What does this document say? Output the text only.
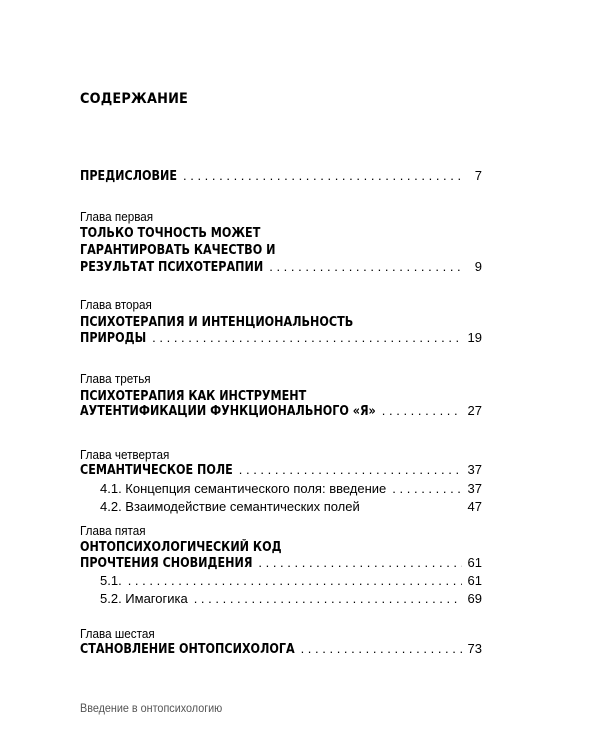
СОДЕРЖАНИЕ
ПРЕДИСЛОВИЕ . . .	7
Глава первая
ТОЛЬКО ТОЧНОСТЬ МОЖЕТ
ГАРАНТИРОВАТЬ КАЧЕСТВО И
РЕЗУЛЬТАТ ПСИХОТЕРАПИИ . . .	9
Глава вторая
ПСИХОТЕРАПИЯ И ИНТЕНЦИОНАЛЬНОСТЬ
ПРИРОДЫ . . .	19
Глава третья
ПСИХОТЕРАПИЯ КАК ИНСТРУМЕНТ
АУТЕНТИФИКАЦИИ ФУНКЦИОНАЛЬНОГО «Я» . . .	27
Глава четвертая
СЕМАНТИЧЕСКОЕ ПОЛЕ . . .	37
4.1. Концепция семантического поля: введение . . .	37
4.2. Взаимодействие семантических полей	47
Глава пятая
ОНТОПСИХОЛОГИЧЕСКИЙ КОД
ПРОЧТЕНИЯ СНОВИДЕНИЯ . . .	61
5.1. . . .	61
5.2. Имагогика . . .	69
Глава шестая
СТАНОВЛЕНИЕ ОНТОПСИХОЛОГА . . .	73
Введение в онтопсихологию
